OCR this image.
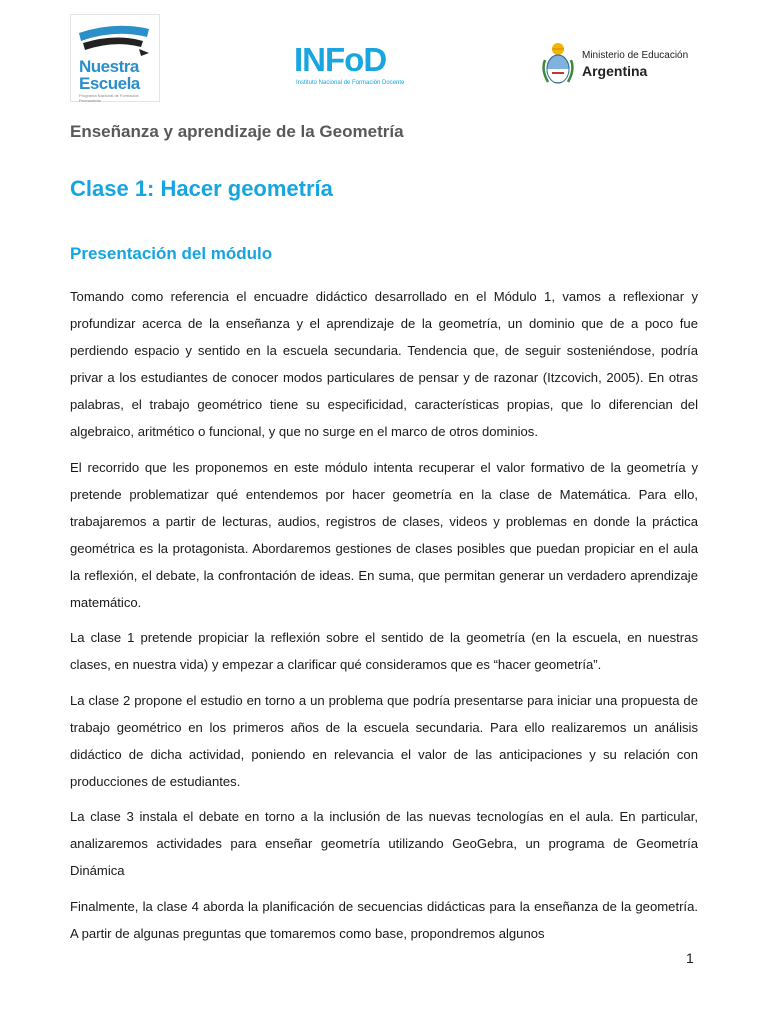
Nuestra
Escuela
Programa Nacional de Formación Permanente
INFoD
Instituto Nacional de Formación Docente
Ministerio de Educación
Argentina
Enseñanza y aprendizaje de la Geometría
Clase 1: Hacer geometría
Presentación del módulo

Tomando como referencia el encuadre didáctico desarrollado en el Módulo 1, vamos a reflexionar y profundizar acerca de la enseñanza y el aprendizaje de la geometría, un dominio que de a poco fue perdiendo espacio y sentido en la escuela secundaria. Tendencia que, de seguir sosteniéndose, podría privar a los estudiantes de conocer modos particulares de pensar y de razonar (Itzcovich, 2005). En otras palabras, el trabajo geométrico tiene su especificidad, características propias, que lo diferencian del algebraico, aritmético o funcional, y que no surge en el marco de otros dominios.

El recorrido que les proponemos en este módulo intenta recuperar el valor formativo de la geometría y pretende problematizar qué entendemos por hacer geometría en la clase de Matemática. Para ello, trabajaremos a partir de lecturas, audios, registros de clases, videos y problemas en donde la práctica geométrica es la protagonista. Abordaremos gestiones de clases posibles que puedan propiciar en el aula la reflexión, el debate, la confrontación de ideas. En suma, que permitan generar un verdadero aprendizaje matemático.

La clase 1 pretende propiciar la reflexión sobre el sentido de la geometría (en la escuela, en nuestras clases, en nuestra vida) y empezar a clarificar qué consideramos que es “hacer geometría”.

La clase 2 propone el estudio en torno a un problema que podría presentarse para iniciar una propuesta de trabajo geométrico en los primeros años de la escuela secundaria. Para ello realizaremos un análisis didáctico de dicha actividad, poniendo en relevancia el valor de las anticipaciones y su relación con producciones de estudiantes.

La clase 3 instala el debate en torno a la inclusión de las nuevas tecnologías en el aula. En particular, analizaremos actividades para enseñar geometría utilizando GeoGebra, un programa de Geometría Dinámica

Finalmente, la clase 4 aborda la planificación de secuencias didácticas para la enseñanza de la geometría. A partir de algunas preguntas que tomaremos como base, propondremos algunos

1
